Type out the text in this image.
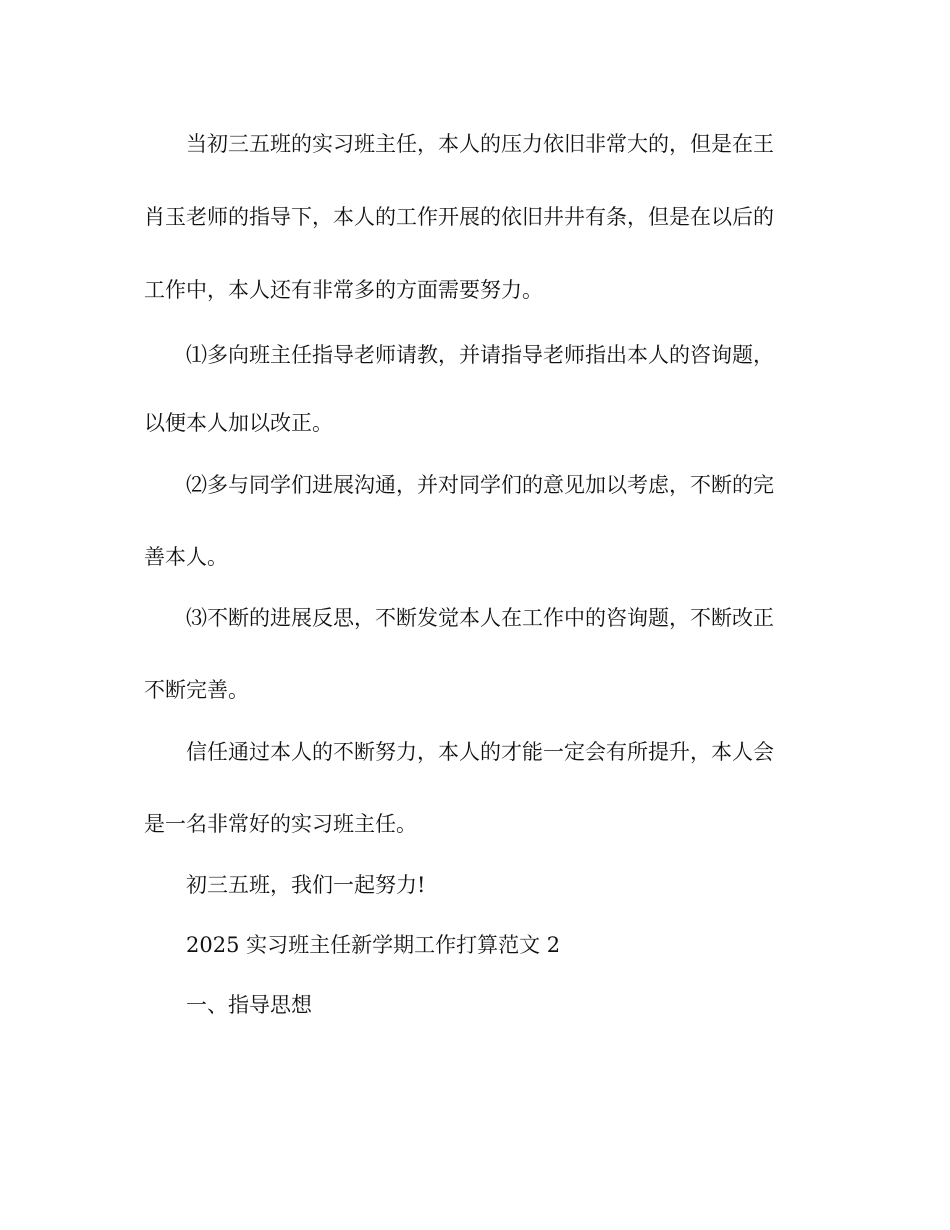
当初三五班的实习班主任，本人的压力依旧非常大的，但是在王
肖玉老师的指导下，本人的工作开展的依旧井井有条，但是在以后的
工作中，本人还有非常多的方面需要努力。
⑴多向班主任指导老师请教，并请指导老师指出本人的咨询题，
以便本人加以改正。
⑵多与同学们进展沟通，并对同学们的意见加以考虑，不断的完
善本人。
⑶不断的进展反思，不断发觉本人在工作中的咨询题，不断改正
不断完善。
信任通过本人的不断努力，本人的才能一定会有所提升，本人会
是一名非常好的实习班主任。
初三五班，我们一起努力!
2025 实习班主任新学期工作打算范文 2
一、指导思想
